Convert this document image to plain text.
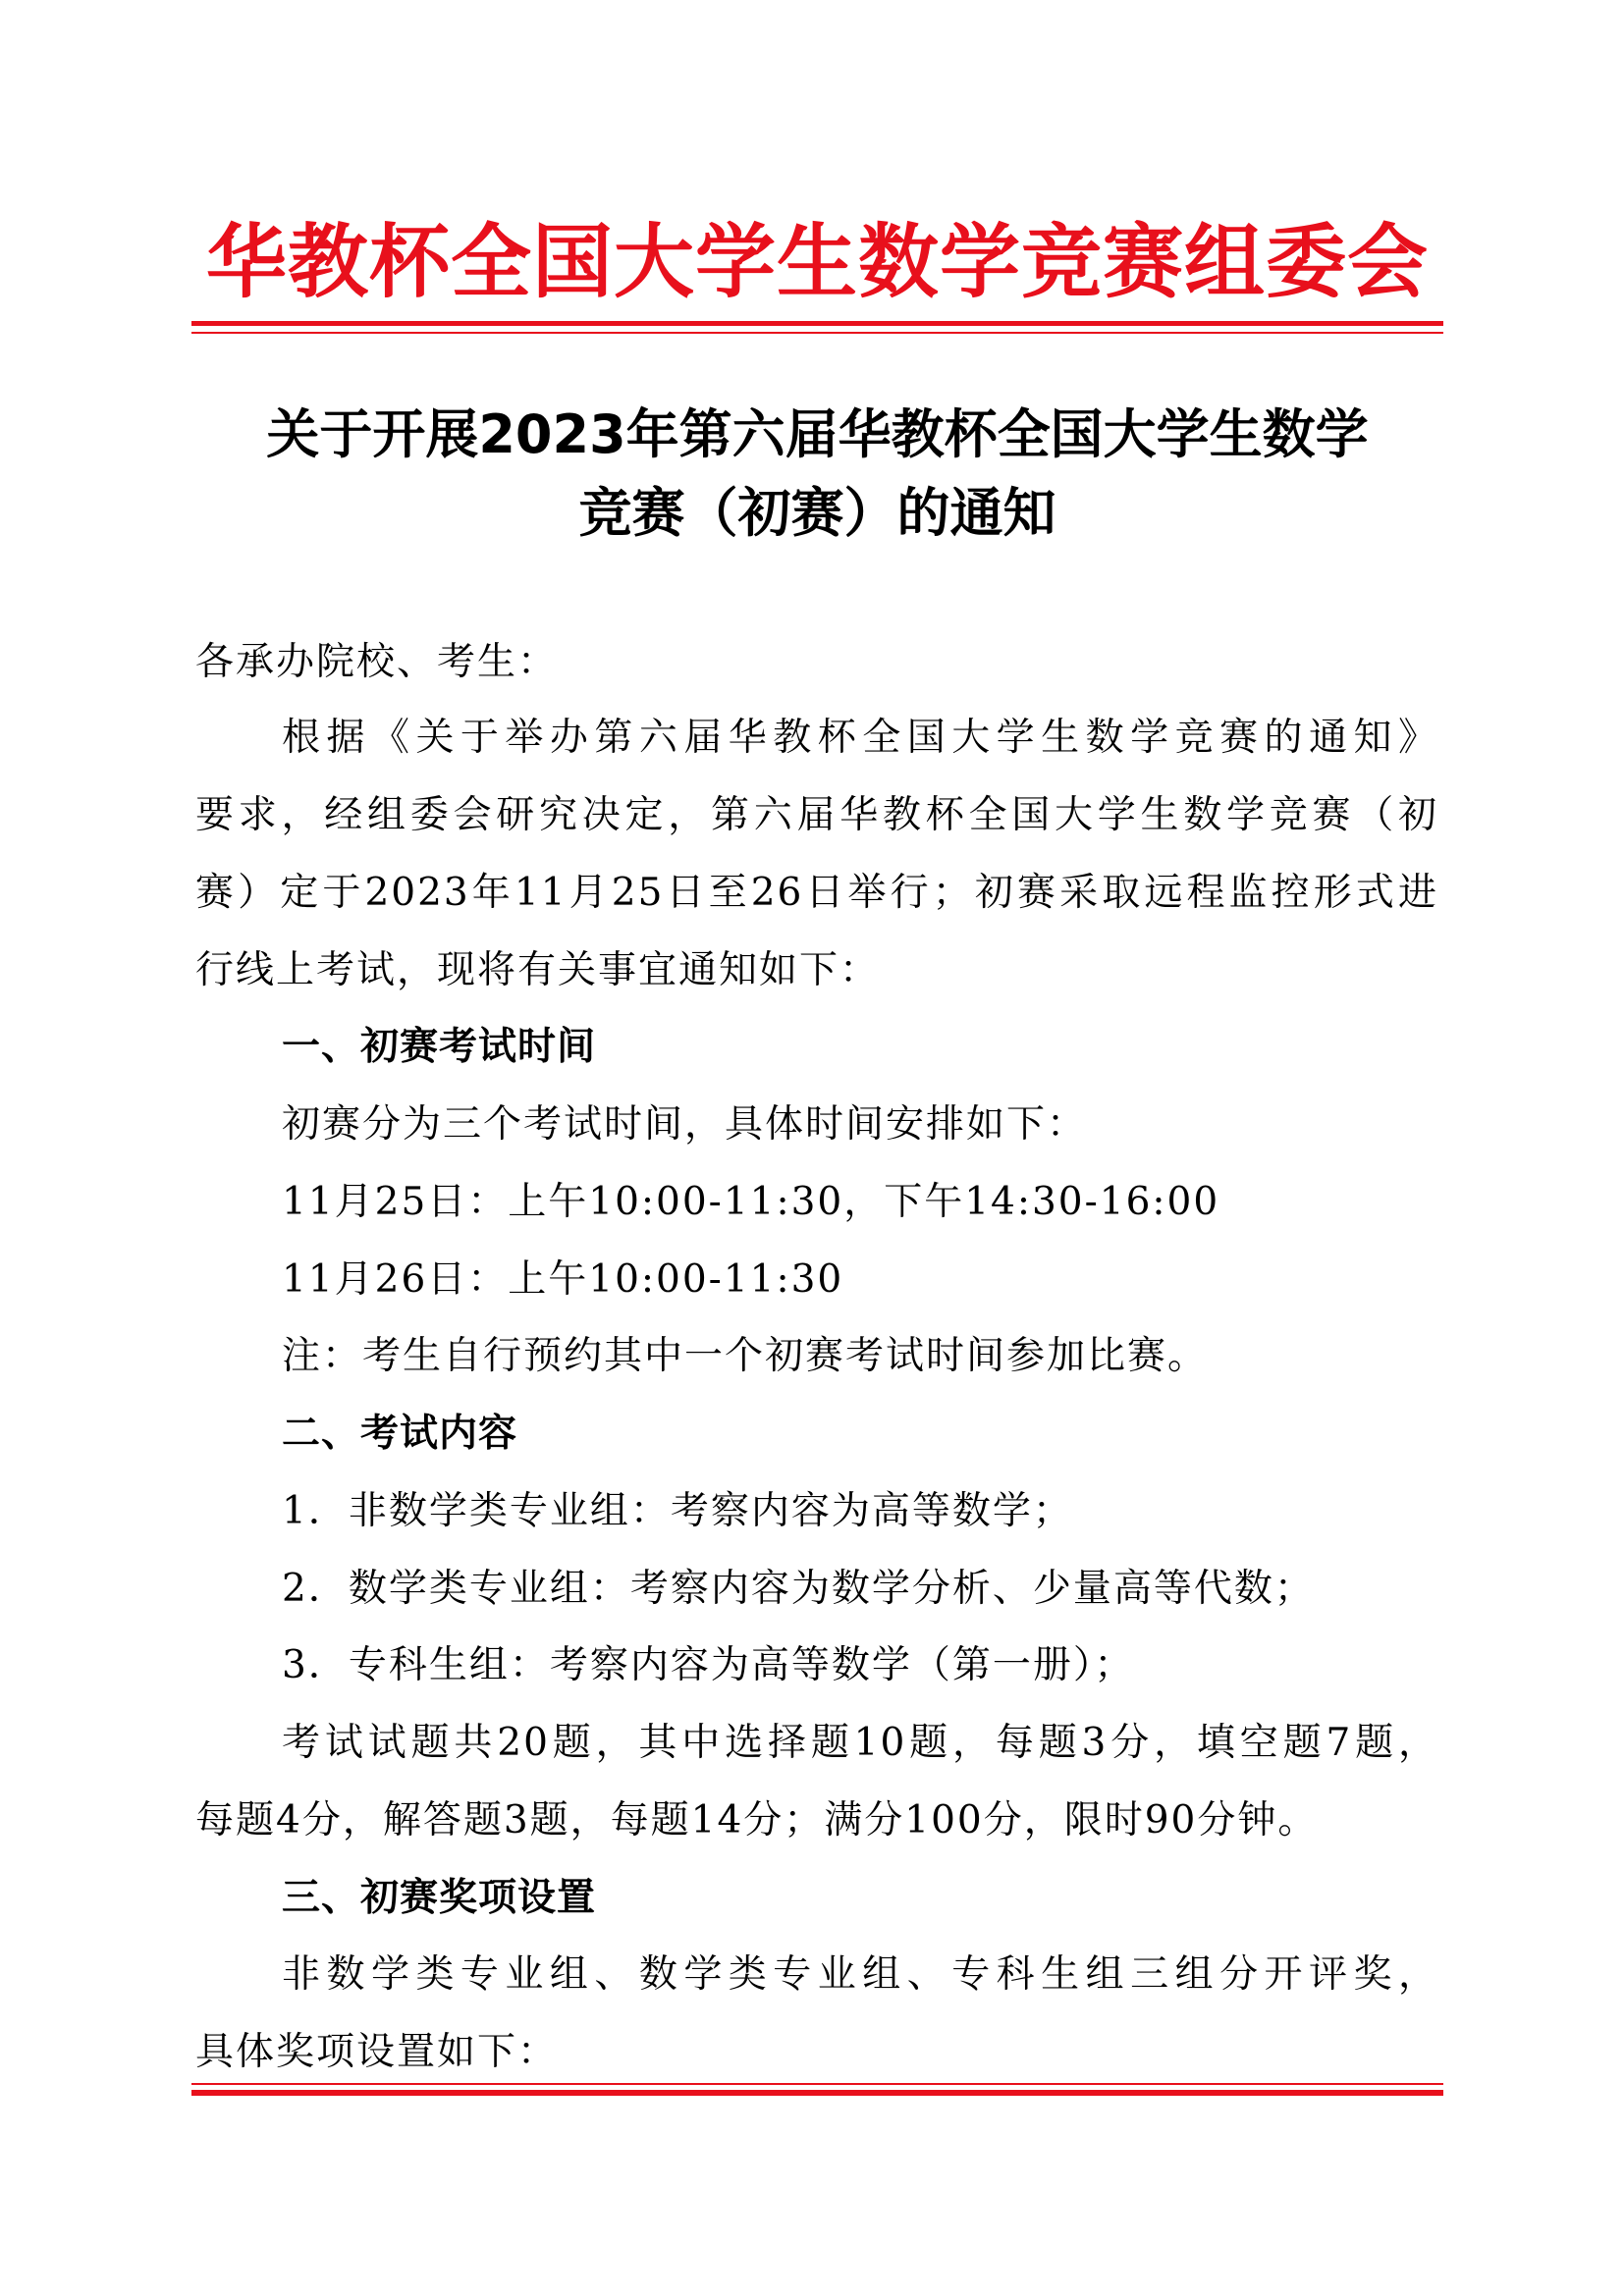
华教杯全国大学生数学竞赛组委会
关于开展2023年第六届华教杯全国大学生数学
竞赛（初赛）的通知
各承办院校、考生：
根据《关于举办第六届华教杯全国大学生数学竞赛的通知》
要求，经组委会研究决定，第六届华教杯全国大学生数学竞赛（初
赛）定于2023年11月25日至26日举行；初赛采取远程监控形式进
行线上考试，现将有关事宜通知如下：
一、初赛考试时间
初赛分为三个考试时间，具体时间安排如下：
11月25日：上午10:00-11:30，下午14:30-16:00
11月26日：上午10:00-11:30
注：考生自行预约其中一个初赛考试时间参加比赛。
二、考试内容
1．非数学类专业组：考察内容为高等数学；
2．数学类专业组：考察内容为数学分析、少量高等代数；
3．专科生组：考察内容为高等数学（第一册）；
考试试题共20题，其中选择题10题，每题3分，填空题7题，
每题4分，解答题3题，每题14分；满分100分，限时90分钟。
三、初赛奖项设置
非数学类专业组、数学类专业组、专科生组三组分开评奖，
具体奖项设置如下：
